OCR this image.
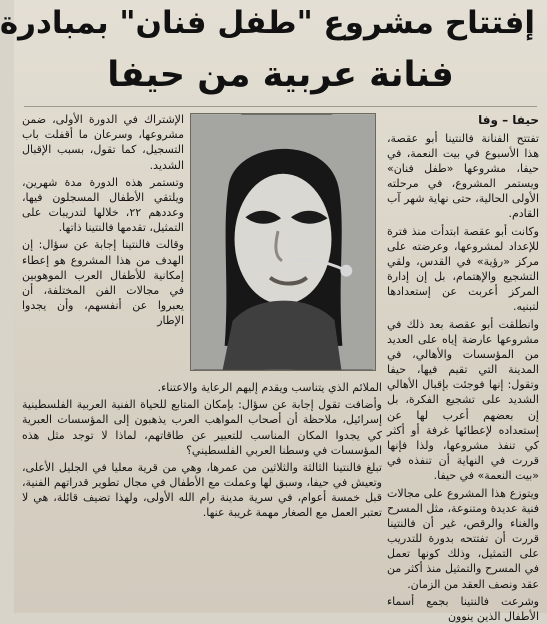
إفتتاح مشروع "طفل فنان" بمبادرة
فنانة عربية من حيفا
حيفا – وفا

تفتتح الفنانة فالنتينا أبو عقصة، هذا الأسبوع في بيت النعمة، في حيفا، مشروعها «طفل فنان» ويستمر المشروع، في مرحلته الأولى الحالية، حتى نهاية شهر آب القادم.

وكانت أبو عقصة ابتدأت منذ فترة للإعداد لمشروعها، وعرضته على مركز «رؤية» في القدس، ولقي التشجيع والإهتمام، بل إن إدارة المركز أعربت عن إستعدادها لتبنيه.

وانطلقت أبو عقصة بعد ذلك في مشروعها عارضة إياه على العديد من المؤسسات والأهالي، في المدينة التي تقيم فيها، حيفا وتقول: إنها فوجئت بإقبال الأهالي الشديد على تشجيع الفكرة، بل إن بعضهم أعرب لها عن إستعداده لإعطائها غرفة أو أكثر كي تنفذ مشروعها، ولذا فإنها قررت في النهاية أن تنفذه في «بيت النعمة» في حيفا.

ويتوزع هذا المشروع على مجالات فنية عديدة ومتنوعة، مثل المسرح والغناء والرقص، غير أن فالنتينا قررت أن تفتتحه بدورة للتدريب على التمثيل، وذلك كونها تعمل في المسرح والتمثيل منذ أكثر من عقد ونصف العقد من الزمان.

وشرعت فالنتينا بجمع أسماء الأطفال الذين ينوون

الإشتراك في الدورة الأولى، ضمن مشروعها، وسرعان ما أقفلت باب التسجيل، كما تقول، بسبب الإقبال الشديد.

وتستمر هذه الدورة مدة شهرين، ويلتقي الأطفال المسجلون فيها، وعددهم ٢٢، خلالها لتدريبات على التمثيل، تقدمها فالنتينا ذاتها.

وقالت فالنتينا إجابة عن سؤال: إن الهدف من هذا المشروع هو إعطاء إمكانية للأطفال العرب الموهوبين في مجالات الفن المختلفة، أن يعبروا عن أنفسهم، وأن يجدوا الإطار

الملائم الذي يتناسب ويقدم إليهم الرعاية والاعتناء.

وأضافت تقول إجابة عن سؤال: بإمكان المتابع للحياة الفنية العربية الفلسطينية إسرائيل، ملاحظة أن أصحاب المواهب العرب يذهبون إلى المؤسسات العبرية كي يجدوا المكان المناسب للتعبير عن طاقاتهم، لماذا لا توجد مثل هذه المؤسسات في وسطنا العربي الفلسطيني؟

تبلغ فالنتينا الثالثة والثلاثين من عمرها، وهي من قرية معليا في الجليل الأعلى، وتعيش في حيفا، وسبق لها وعملت مع الأطفال في مجال تطوير قدراتهم الفنية، قبل خمسة أعوام، في سرية مدينة رام الله الأولى، ولهذا تضيف قائلة، هي لا تعتبر العمل مع الصغار مهمة غريبة عنها.
